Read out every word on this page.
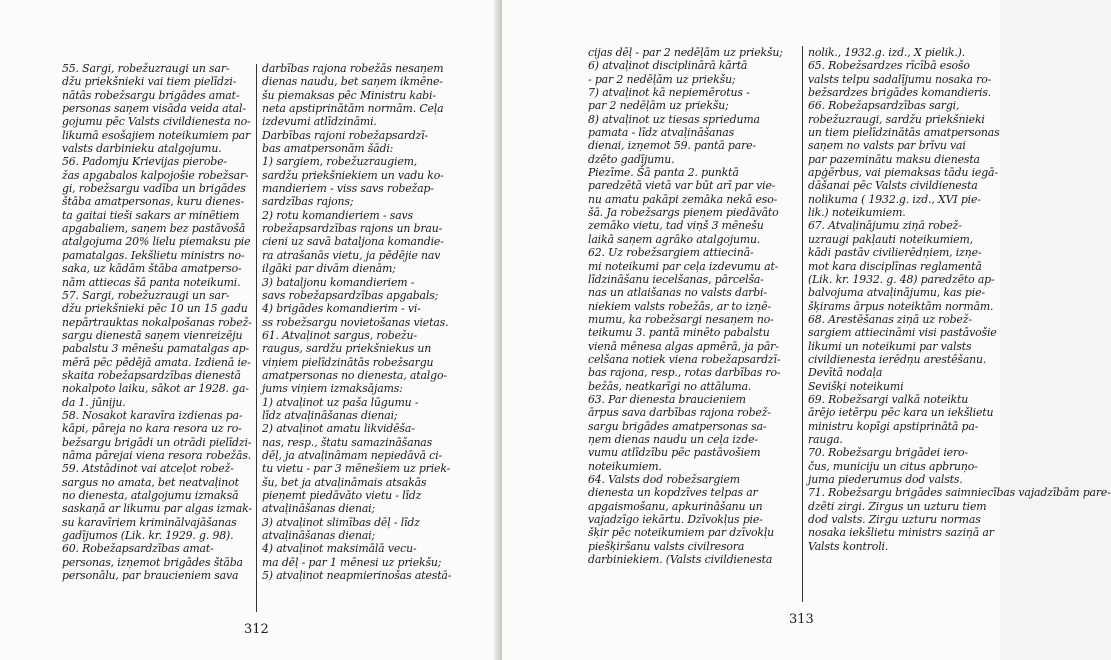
55. Sargi, robežuzraugi un sar-
džu priekšnieki vai tiem pielīdzi-
nātās robežsargu brigādes amat-
personas saņem visāda veida atal-
gojumu pēc Valsts civildienesta no-
likumā esošajiem noteikumiem par
valsts darbinieku atalgojumu.
56. Padomju Krievijas pierobe-
žas apgabalos kalpojošie robežsar-
gi, robežsargu vadība un brigādes
štāba amatpersonas, kuru dienes-
ta gaitai tieši sakars ar minētiem
apgabaliem, saņem bez pastāvošā
atalgojuma 20% lielu piemaksu pie
pamatalgas. Iekšlietu ministrs no-
saka, uz kādām štāba amatperso-
nām attiecas šā panta noteikumi.
57. Sargi, robežuzraugi un sar-
džu priekšnieki pēc 10 un 15 gadu
nepārtrauktas nokalpošanas robež-
sargu dienestā saņem vienreizēju
pabalstu 3 mēnešu pamatalgas ap-
mērā pēc pēdējā amata. Izdienā ie-
skaita robežapsardzības dienestā
nokalpoto laiku, sākot ar 1928. ga-
da 1. jūniju.
58. Nosakot karavīra izdienas pa-
kāpi, pāreja no kara resora uz ro-
bežsargu brigādi un otrādi pielīdzi-
nāma pārejai viena resora robežās.
59. Atstādinot vai atceļot robež-
sargus no amata, bet neatvaļinot
no dienesta, atalgojumu izmaksā
saskaņā ar likumu par algas izmak-
su karavīriem kriminālvajāšanas
gadījumos (Lik. kr. 1929. g. 98).
60. Robežapsardzības amat-
personas, izņemot brigādes štāba
personālu, par braucieniem sava
darbības rajona robežās nesaņem
dienas naudu, bet saņem ikmēne-
šu piemaksas pēc Ministru kabi-
neta apstiprinātām normām. Ceļa
izdevumi atlīdzināmi.
Darbības rajoni robežapsardzī-
bas amatpersonām šādi:
1) sargiem, robežuzraugiem,
sardžu priekšniekiem un vadu ko-
mandieriem - viss savs robežap-
sardzības rajons;
2) rotu komandieriem - savs
robežapsardzības rajons un brau-
cieni uz savā bataljona komandie-
ra atrašanās vietu, ja pēdējie nav
ilgāki par divām dienām;
3) bataljonu komandieriem -
savs robežapsardzības apgabals;
4) brigādes komandierim - vi-
ss robežsargu novietošanas vietas.
61. Atvaļinot sargus, robežu-
raugus, sardžu priekšniekus un
viņiem pielīdzinātās robežsargu
amatpersonas no dienesta, atalgo-
jums viņiem izmaksājams:
1) atvaļinot uz paša lūgumu -
līdz atvaļināšanas dienai;
2) atvaļinot amatu likvidēša-
nas, resp., štatu samazināšanas
dēļ, ja atvaļināmam nepiedāvā ci-
tu vietu - par 3 mēnešiem uz priek-
šu, bet ja atvaļināmais atsakās
pieņemt piedāvāto vietu - līdz
atvaļināšanas dienai;
3) atvaļinot slimības dēļ - līdz
atvaļināšanas dienai;
4) atvaļinot maksimālā vecu-
ma dēļ - par 1 mēnesi uz priekšu;
5) atvaļinot neapmierinošas atestā-
312
cijas dēļ - par 2 nedēļām uz priekšu;
6) atvaļinot disciplinārā kārtā
- par 2 nedēļām uz priekšu;
7) atvaļinot kā nepiemērotus -
par 2 nedēļām uz priekšu;
8) atvaļinot uz tiesas sprieduma
pamata - līdz atvaļināšanas
dienai, izņemot 59. pantā pare-
dzēto gadījumu.
Piezīme. Šā panta 2. punktā
paredzētā vietā var būt arī par vie-
nu amatu pakāpi zemāka nekā eso-
šā. Ja robežsargs pieņem piedāvāto
zemāko vietu, tad viņš 3 mēnešu
laikā saņem agrāko atalgojumu.
62. Uz robežsargiem attiecinā-
mi noteikumi par ceļa izdevumu at-
līdzināšanu iecelšanas, pārcelša-
nas un atlaišanas no valsts darbi-
niekiem valsts robežās, ar to izņē-
mumu, ka robežsargi nesaņem no-
teikumu 3. pantā minēto pabalstu
vienā mēnesa algas apmērā, ja pār-
celšana notiek viena robežapsardzī-
bas rajona, resp., rotas darbības ro-
bežās, neatkarīgi no attāluma.
63. Par dienesta braucieniem
ārpus sava darbības rajona robež-
sargu brigādes amatpersonas sa-
ņem dienas naudu un ceļa izde-
vumu atlīdzību pēc pastāvošiem
noteikumiem.
64. Valsts dod robežsargiem
dienesta un kopdzīves telpas ar
apgaismošanu, apkurināšanu un
vajadzīgo iekārtu. Dzīvokļus pie-
šķir pēc noteikumiem par dzīvokļu
piešķiršanu valsts civilresora
darbiniekiem. (Valsts civildienesta
nolik., 1932.g. izd., X pielik.).
65. Robežsardzes rīcībā esošo
valsts telpu sadalījumu nosaka ro-
bežsardzes brigādes komandieris.
66. Robežapsardzības sargi,
robežuzraugi, sardžu priekšnieki
un tiem pielīdzinātās amatpersonas
saņem no valsts par brīvu vai
par pazeminātu maksu dienesta
apģērbus, vai piemaksas tādu iegā-
dāšanai pēc Valsts civildienesta
nolikuma ( 1932.g. izd., XVI pie-
lik.) noteikumiem.
67. Atvaļinājumu ziņā robež-
uzraugi pakļauti noteikumiem,
kādi pastāv civilierēdņiem, izņe-
mot kara disciplīnas reglamentā
(Lik. kr. 1932. g. 48) paredzēto ap-
balvojuma atvaļinājumu, kas pie-
šķirams ārpus noteiktām normām.
68. Arestēšanas ziņā uz robež-
sargiem attiecināmi visi pastāvošie
likumi un noteikumi par valsts
civildienesta ierēdņu arestēšanu.
Devītā nodaļa
Sevišķi noteikumi
69. Robežsargi valkā noteiktu
ārējo ietērpu pēc kara un iekšlietu
ministru kopīgi apstiprinātā pa-
rauga.
70. Robežsargu brigādei iero-
čus, municiju un citus apbruņo-
juma piederumus dod valsts.
71. Robežsargu brigādes saimniecības vajadzībām pare-
dzēti zirgi. Zirgus un uzturu tiem
dod valsts. Zirgu uzturu normas
nosaka iekšlietu ministrs saziņā ar
Valsts kontroli.
313
